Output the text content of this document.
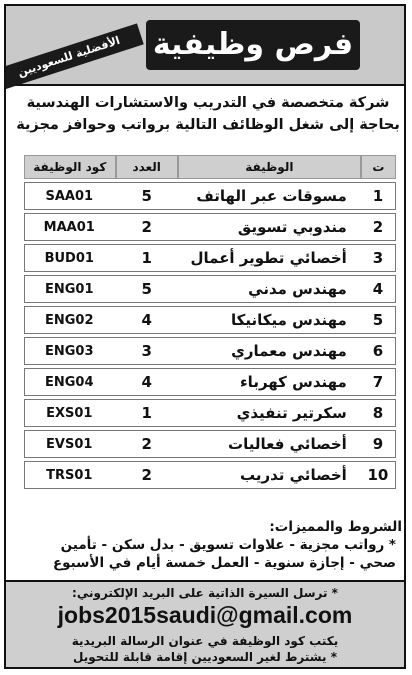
فرص وظيفية
الأفضلية للسعوديين
شركة متخصصة في التدريب والاستشارات الهندسية
بحاجة إلى شغل الوظائف التالية برواتب وحوافز مجزية
ت	الوظيفة	العدد	كود الوظيفة
1	مسوقات عبر الهاتف	5	SAA01
2	مندوبي تسويق	2	MAA01
3	أخصائي تطوير أعمال	1	BUD01
4	مهندس مدني	5	ENG01
5	مهندس ميكانيكا	4	ENG02
6	مهندس معماري	3	ENG03
7	مهندس كهرباء	4	ENG04
8	سكرتير تنفيذي	1	EXS01
9	أخصائي فعاليات	2	EVS01
10	أخصائي تدريب	2	TRS01
الشروط والمميزات:
* رواتب مجزية - علاوات تسويق - بدل سكن - تأمين
صحي - إجازة سنوية - العمل خمسة أيام في الأسبوع
* ترسل السيرة الذاتية على البريد الإلكتروني:
jobs2015saudi@gmail.com
يكتب كود الوظيفة في عنوان الرسالة البريدية
* يشترط لغير السعوديين إقامة قابلة للتحويل
